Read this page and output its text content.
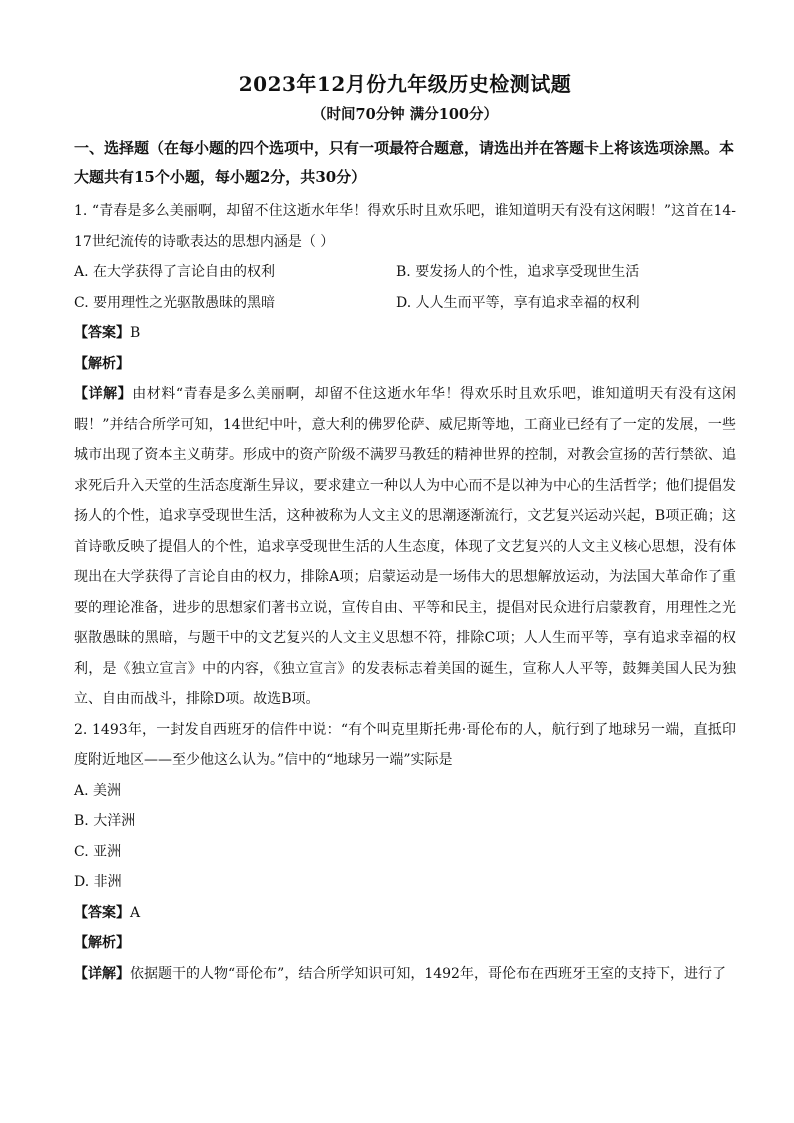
2023年12月份九年级历史检测试题
（时间70分钟 满分100分）
一、选择题（在每小题的四个选项中，只有一项最符合题意，请选出并在答题卡上将该选项涂黑。本大题共有15个小题，每小题2分，共30分）

1. “青春是多么美丽啊，却留不住这逝水年华！得欢乐时且欢乐吧，谁知道明天有没有这闲暇！”这首在14-17世纪流传的诗歌表达的思想内涵是（ ）

A. 在大学获得了言论自由的权利	B. 要发扬人的个性，追求享受现世生活
C. 要用理性之光驱散愚昧的黑暗	D. 人人生而平等，享有追求幸福的权利
【 答案 】 B
【 解析 】

【 详解 】 由材料“青春是多么美丽啊，却留不住这逝水年华！得欢乐时且欢乐吧，谁知道明天有没有这闲暇！”并结合所学可知，14世纪中叶，意大利的佛罗伦萨、威尼斯等地，工商业已经有了一定的发展，一些城市出现了资本主义萌芽。形成中的资产阶级不满罗马教廷的精神世界的控制，对教会宣扬的苦行禁欲、追求死后升入天堂的生活态度渐生异议，要求建立一种以人为中心而不是以神为中心的生活哲学；他们提倡发扬人的个性，追求享受现世生活，这种被称为人文主义的思潮逐渐流行，文艺复兴运动兴起，B项正确；这首诗歌反映了提倡人的个性，追求享受现世生活的人生态度，体现了文艺复兴的人文主义核心思想，没有体现出在大学获得了言论自由的权力，排除A项；启蒙运动是一场伟大的思想解放运动，为法国大革命作了重要的理论准备，进步的思想家们著书立说，宣传自由、平等和民主，提倡对民众进行启蒙教育，用理性之光驱散愚昧的黑暗，与题干中的文艺复兴的人文主义思想不符，排除C项；人人生而平等，享有追求幸福的权利，是《独立宣言》中的内容，《独立宣言》的发表标志着美国的诞生，宣称人人平等，鼓舞美国人民为独立、自由而战斗，排除D项。故选B项。

2. 1493年，一封发自西班牙的信件中说：“有个叫克里斯托弗·哥伦布的人，航行到了地球另一端，直抵印度附近地区——至少他这么认为。”信中的“地球另一端”实际是

A. 美洲
B. 大洋洲
C. 亚洲
D. 非洲
【 答案 】 A
【 解析 】

【 详解 】 依据题干的人物“哥伦布”，结合所学知识可知，1492年，哥伦布在西班牙王室的支持下，进行了
